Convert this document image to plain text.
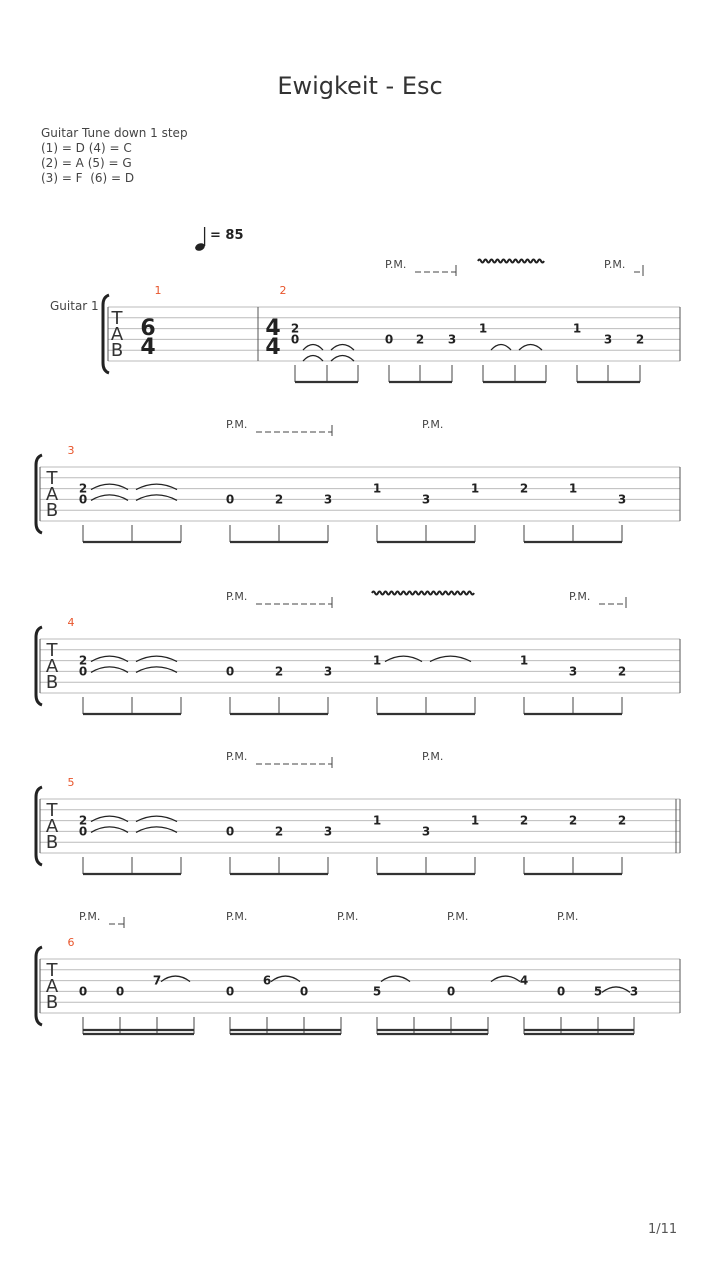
Ewigkeit - Esc
Guitar Tune down 1 step
(1) = D (4) = C
(2) = A (5) = G
(3) = F  (6) = D
= 85
Guitar 1
T
A
B
T
A
B
T
A
B
T
A
B
T
A
B
1
6
4
2
4
4
2
0	0 2 3
1	1
3 2
3
2
0	0	2	3
1
3
1	2	1
3
4
2
0	0	2	3
1	1
3	2
5
2
0	0	2	3
1
3
1	2	2	2
6
0 0
7
0
6
0	5	0
4
0 5 3
P.M.	P.M.
P.M.	P.M.
P.M.	P.M.
P.M.	P.M.
P.M.	P.M.	P.M.	P.M.	P.M.
1/11
